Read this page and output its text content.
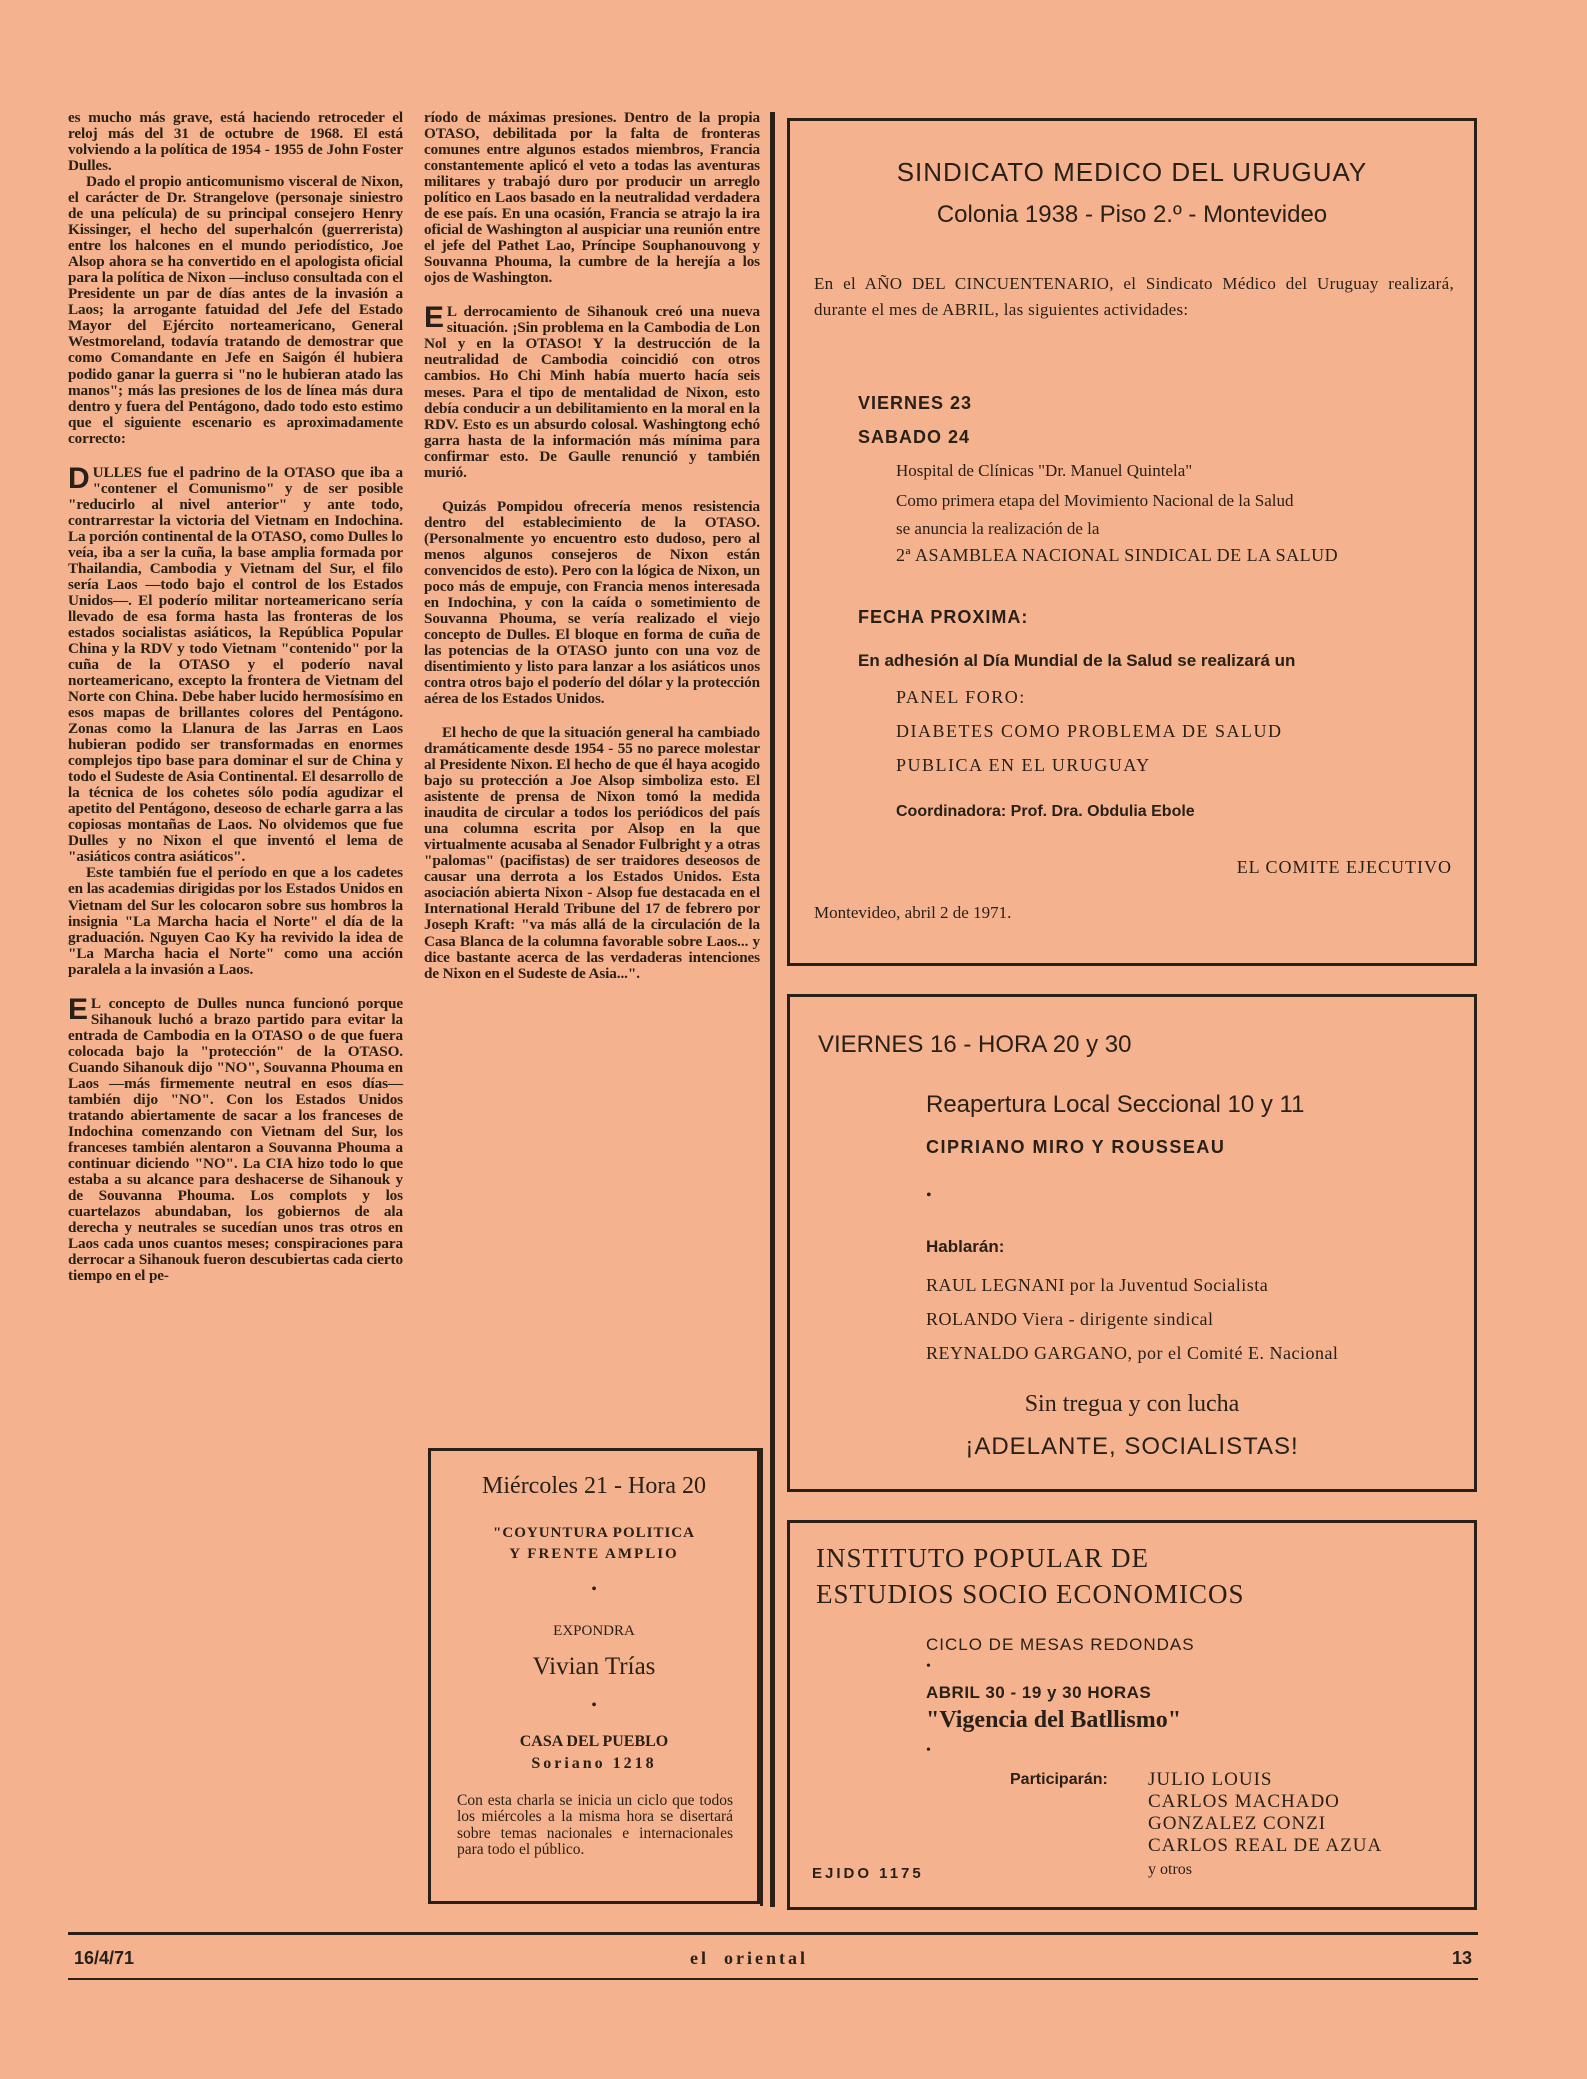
es mucho más grave, está haciendo retroceder el reloj más del 31 de octubre de 1968. El está volviendo a la política de 1954 - 1955 de John Foster Dulles.

Dado el propio anticomunismo visceral de Nixon, el carácter de Dr. Strangelove (personaje siniestro de una película) de su principal consejero Henry Kissinger, el hecho del superhalcón (guerrerista) entre los halcones en el mundo periodístico, Joe Alsop ahora se ha convertido en el apologista oficial para la política de Nixon —incluso consultada con el Presidente un par de días antes de la invasión a Laos; la arrogante fatuidad del Jefe del Estado Mayor del Ejército norteamericano, General Westmoreland, todavía tratando de demostrar que como Comandante en Jefe en Saigón él hubiera podido ganar la guerra si "no le hubieran atado las manos"; más las presiones de los de línea más dura dentro y fuera del Pentágono, dado todo esto estimo que el siguiente escenario es aproximadamente correcto:

DULLES fue el padrino de la OTASO que iba a "contener el Comunismo" y de ser posible "reducirlo al nivel anterior" y ante todo, contrarrestar la victoria del Vietnam en Indochina. La porción continental de la OTASO, como Dulles lo veía, iba a ser la cuña, la base amplia formada por Thailandia, Cambodia y Vietnam del Sur, el filo sería Laos —todo bajo el control de los Estados Unidos—. El poderío militar norteamericano sería llevado de esa forma hasta las fronteras de los estados socialistas asiáticos, la República Popular China y la RDV y todo Vietnam "contenido" por la cuña de la OTASO y el poderío naval norteamericano, excepto la frontera de Vietnam del Norte con China. Debe haber lucido hermosísimo en esos mapas de brillantes colores del Pentágono. Zonas como la Llanura de las Jarras en Laos hubieran podido ser transformadas en enormes complejos tipo base para dominar el sur de China y todo el Sudeste de Asia Continental. El desarrollo de la técnica de los cohetes sólo podía agudizar el apetito del Pentágono, deseoso de echarle garra a las copiosas montañas de Laos. No olvidemos que fue Dulles y no Nixon el que inventó el lema de "asiáticos contra asiáticos".

Este también fue el período en que a los cadetes en las academias dirigidas por los Estados Unidos en Vietnam del Sur les colocaron sobre sus hombros la insignia "La Marcha hacia el Norte" el día de la graduación. Nguyen Cao Ky ha revivido la idea de "La Marcha hacia el Norte" como una acción paralela a la invasión a Laos.

E L concepto de Dulles nunca funcionó porque Sihanouk luchó a brazo partido para evitar la entrada de Cambodia en la OTASO o de que fuera colocada bajo la "protección" de la OTASO. Cuando Sihanouk dijo "NO", Souvanna Phouma en Laos —más firmemente neutral en esos días— también dijo "NO". Con los Estados Unidos tratando abiertamente de sacar a los franceses de Indochina comenzando con Vietnam del Sur, los franceses también alentaron a Souvanna Phouma a continuar diciendo "NO". La CIA hizo todo lo que estaba a su alcance para deshacerse de Sihanouk y de Souvanna Phouma. Los complots y los cuartelazos abundaban, los gobiernos de ala derecha y neutrales se sucedían unos tras otros en Laos cada unos cuantos meses; conspiraciones para derrocar a Sihanouk fueron descubiertas cada cierto tiempo en el pe-

ríodo de máximas presiones. Dentro de la propia OTASO, debilitada por la falta de fronteras comunes entre algunos estados miembros, Francia constantemente aplicó el veto a todas las aventuras militares y trabajó duro por producir un arreglo político en Laos basado en la neutralidad verdadera de ese país. En una ocasión, Francia se atrajo la ira oficial de Washington al auspiciar una reunión entre el jefe del Pathet Lao, Príncipe Souphanouvong y Souvanna Phouma, la cumbre de la herejía a los ojos de Washington.

E L derrocamiento de Sihanouk creó una nueva situación. ¡Sin problema en la Cambodia de Lon Nol y en la OTASO! Y la destrucción de la neutralidad de Cambodia coincidió con otros cambios. Ho Chi Minh había muerto hacía seis meses. Para el tipo de mentalidad de Nixon, esto debía conducir a un debilitamiento en la moral en la RDV. Esto es un absurdo colosal. Washingtong echó garra hasta de la información más mínima para confirmar esto. De Gaulle renunció y también murió.

Quizás Pompidou ofrecería menos resistencia dentro del establecimiento de la OTASO. (Personalmente yo encuentro esto dudoso, pero al menos algunos consejeros de Nixon están convencidos de esto). Pero con la lógica de Nixon, un poco más de empuje, con Francia menos interesada en Indochina, y con la caída o sometimiento de Souvanna Phouma, se vería realizado el viejo concepto de Dulles. El bloque en forma de cuña de las potencias de la OTASO junto con una voz de disentimiento y listo para lanzar a los asiáticos unos contra otros bajo el poderío del dólar y la protección aérea de los Estados Unidos.

El hecho de que la situación general ha cambiado dramáticamente desde 1954 - 55 no parece molestar al Presidente Nixon. El hecho de que él haya acogido bajo su protección a Joe Alsop simboliza esto. El asistente de prensa de Nixon tomó la medida inaudita de circular a todos los periódicos del país una columna escrita por Alsop en la que virtualmente acusaba al Senador Fulbright y a otras "palomas" (pacifistas) de ser traidores deseosos de causar una derrota a los Estados Unidos. Esta asociación abierta Nixon - Alsop fue destacada en el International Herald Tribune del 17 de febrero por Joseph Kraft: "va más allá de la circulación de la Casa Blanca de la columna favorable sobre Laos... y dice bastante acerca de las verdaderas intenciones de Nixon en el Sudeste de Asia...".

Miércoles 21 - Hora 20
"COYUNTURA POLITICA
Y FRENTE AMPLIO
•
EXPONDRA
Vivian Trías
•
CASA DEL PUEBLO
Soriano 1218
Con esta charla se inicia un ciclo que todos los miércoles a la misma hora se disertará sobre temas nacionales e internacionales para todo el público.
SINDICATO MEDICO DEL URUGUAY
Colonia 1938 - Piso 2.º - Montevideo
En el AÑO DEL CINCUENTENARIO, el Sindicato Médico del Uruguay realizará, durante el mes de ABRIL, las siguientes actividades:
VIERNES 23
SABADO 24
Hospital de Clínicas "Dr. Manuel Quintela"
Como primera etapa del Movimiento Nacional de la Salud
se anuncia la realización de la
2ª ASAMBLEA NACIONAL SINDICAL DE LA SALUD
FECHA PROXIMA:
En adhesión al Día Mundial de la Salud se realizará un
PANEL FORO:
DIABETES COMO PROBLEMA DE SALUD
PUBLICA EN EL URUGUAY
Coordinadora: Prof. Dra. Obdulia Ebole
EL COMITE EJECUTIVO
Montevideo, abril 2 de 1971.
VIERNES 16 - HORA 20 y 30
Reapertura Local Seccional 10 y 11
CIPRIANO MIRO Y ROUSSEAU
•
Hablarán:
RAUL LEGNANI por la Juventud Socialista
ROLANDO Viera - dirigente sindical
REYNALDO GARGANO, por el Comité E. Nacional
Sin tregua y con lucha
¡ADELANTE, SOCIALISTAS!
INSTITUTO POPULAR DE
ESTUDIOS SOCIO ECONOMICOS
CICLO DE MESAS REDONDAS
•
ABRIL 30 - 19 y 30 HORAS
"Vigencia del Batllismo"
•
Participarán: JULIO LOUIS
CARLOS MACHADO
GONZALEZ CONZI
CARLOS REAL DE AZUA
y otros
EJIDO 1175
16/4/71	el  oriental	13
